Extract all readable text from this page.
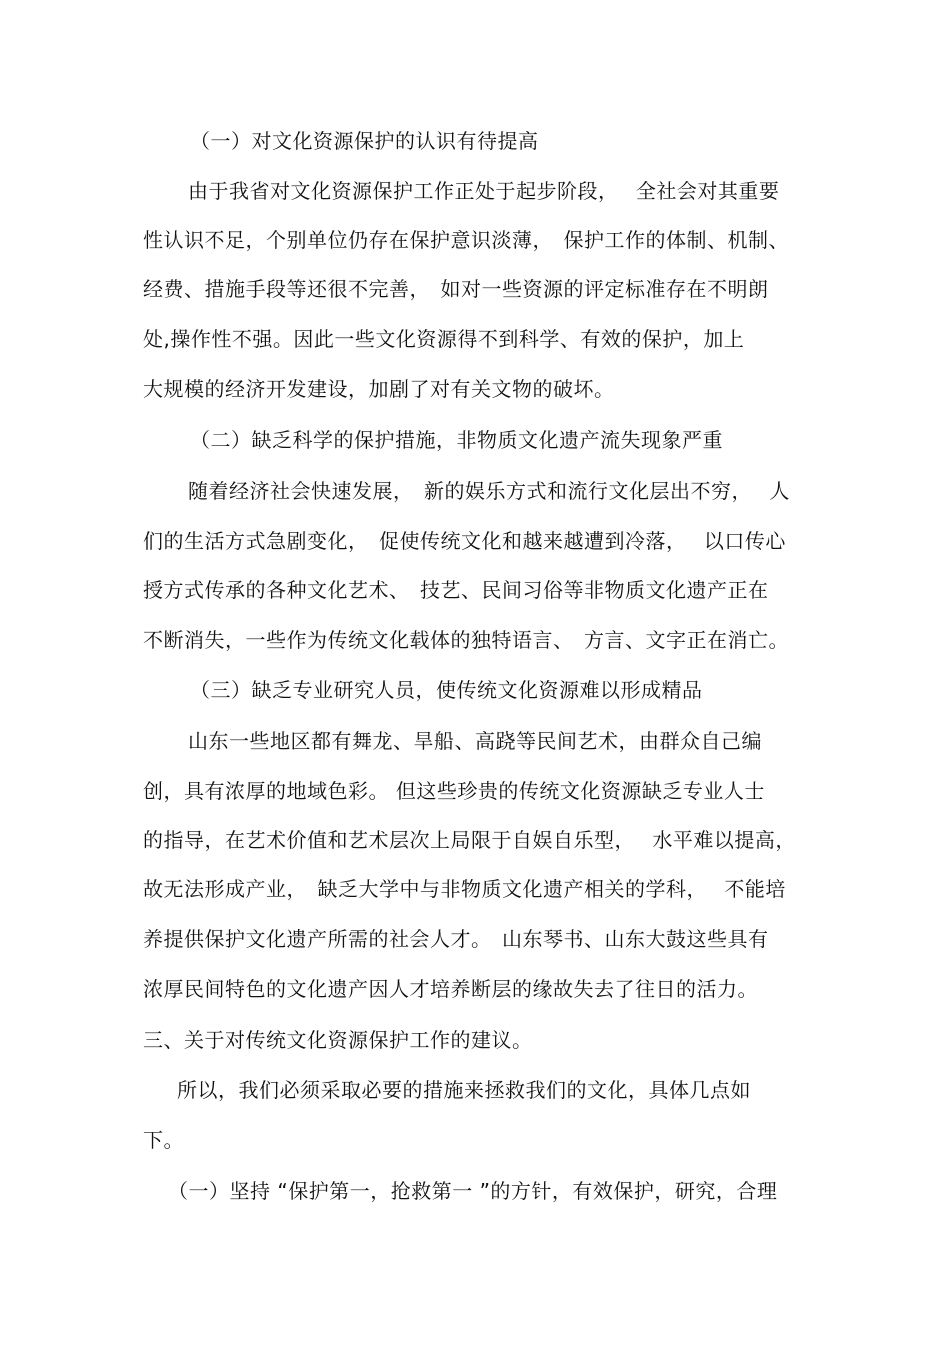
（一）对文化资源保护的认识有待提高
由于我省对文化资源保护工作正处于起步阶段，　 全社会对其重要
性认识不足，个别单位仍存在保护意识淡薄，　保护工作的体制、机制、
经费、措施手段等还很不完善，　如对一些资源的评定标准存在不明朗
处,操作性不强。因此一些文化资源得不到科学、有效的保护，加上
大规模的经济开发建设，加剧了对有关文物的破坏。
（二）缺乏科学的保护措施，非物质文化遗产流失现象严重
随着经济社会快速发展，　新的娱乐方式和流行文化层出不穷，　 人
们的生活方式急剧变化，　促使传统文化和越来越遭到冷落，　 以口传心
授方式传承的各种文化艺术、　技艺、民间习俗等非物质文化遗产正在
不断消失，一些作为传统文化载体的独特语言、　方言、文字正在消亡。
（三）缺乏专业研究人员，使传统文化资源难以形成精品
山东一些地区都有舞龙、旱船、高跷等民间艺术，由群众自己编
创，具有浓厚的地域色彩。 但这些珍贵的传统文化资源缺乏专业人士
的指导，在艺术价值和艺术层次上局限于自娱自乐型，　 水平难以提高，
故无法形成产业，　缺乏大学中与非物质文化遗产相关的学科，　 不能培
养提供保护文化遗产所需的社会人才。　山东琴书、山东大鼓这些具有
浓厚民间特色的文化遗产因人才培养断层的缘故失去了往日的活力。
三、关于对传统文化资源保护工作的建议。
所以，我们必须采取必要的措施来拯救我们的文化，具体几点如
下。
（一）坚持 “保护第一，抢救第一 ”的方针，有效保护，研究，合理
